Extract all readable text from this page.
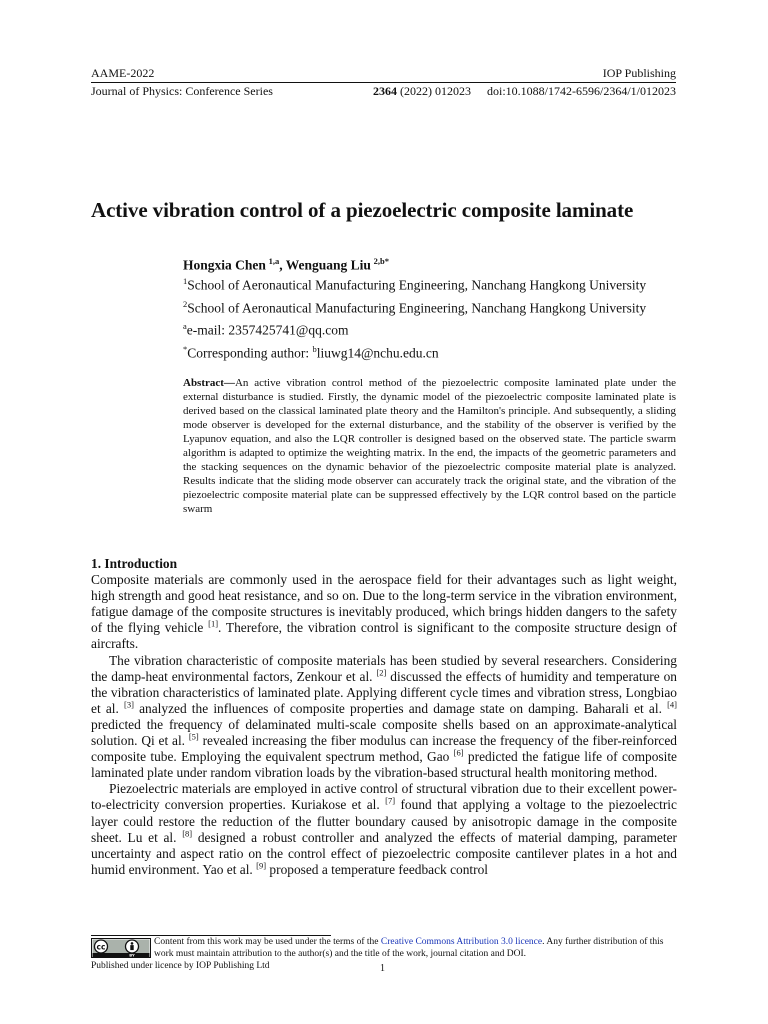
AAME-2022	IOP Publishing
Journal of Physics: Conference Series	2364 (2022) 012023 doi:10.1088/1742-6596/2364/1/012023
Active vibration control of a piezoelectric composite laminate
Hongxia Chen  $^{1,a}$, Wenguang Liu  $^{2,b*}$
$^1$School of Aeronautical Manufacturing Engineering, Nanchang Hangkong University
$^2$School of Aeronautical Manufacturing Engineering, Nanchang Hangkong University
$^a$e-mail: 2357425741@qq.com
*Corresponding author: $^b$liuwg14@nchu.edu.cn
Abstract—An active vibration control method of the piezoelectric composite laminated plate under the external disturbance is studied. Firstly, the dynamic model of the piezoelectric composite laminated plate is derived based on the classical laminated plate theory and the Hamilton's principle. And subsequently, a sliding mode observer is developed for the external disturbance, and the stability of the observer is verified by the Lyapunov equation, and also the LQR controller is designed based on the observed state. The particle swarm algorithm is adapted to optimize the weighting matrix. In the end, the impacts of the geometric parameters and the stacking sequences on the dynamic behavior of the piezoelectric composite material plate is analyzed. Results indicate that the sliding mode observer can accurately track the original state, and the vibration of the piezoelectric composite material plate can be suppressed effectively by the LQR control based on the particle swarm
1. Introduction

Composite materials are commonly used in the aerospace field for their advantages such as light weight, high strength and good heat resistance, and so on. Due to the long-term service in the vibration environment, fatigue damage of the composite structures is inevitably produced, which brings hidden dangers to the safety of the flying vehicle [1]. Therefore, the vibration control is significant to the composite structure design of aircrafts.

The vibration characteristic of composite materials has been studied by several researchers. Considering the damp-heat environmental factors, Zenkour et al. [2] discussed the effects of humidity and temperature on the vibration characteristics of laminated plate. Applying different cycle times and vibration stress, Longbiao et al. [3] analyzed the influences of composite properties and damage state on damping. Baharali et al. [4] predicted the frequency of delaminated multi-scale composite shells based on an approximate-analytical solution. Qi et al. [5] revealed increasing the fiber modulus can increase the frequency of the fiber-reinforced composite tube. Employing the equivalent spectrum method, Gao [6] predicted the fatigue life of composite laminated plate under random vibration loads by the vibration-based structural health monitoring method.

Piezoelectric materials are employed in active control of structural vibration due to their excellent power-to-electricity conversion properties. Kuriakose et al. [7] found that applying a voltage to the piezoelectric layer could restore the reduction of the flutter boundary caused by anisotropic damage in the composite sheet. Lu et al. [8] designed a robust controller and analyzed the effects of material damping, parameter uncertainty and aspect ratio on the control effect of piezoelectric composite cantilever plates in a hot and humid environment. Yao et al. [9] proposed a temperature feedback control

cc
BY
Content from this work may be used under the terms of the Creative Commons Attribution 3.0 licence. Any further distribution of this work must maintain attribution to the author(s) and the title of the work, journal citation and DOI.
Published under licence by IOP Publishing Ltd	1
